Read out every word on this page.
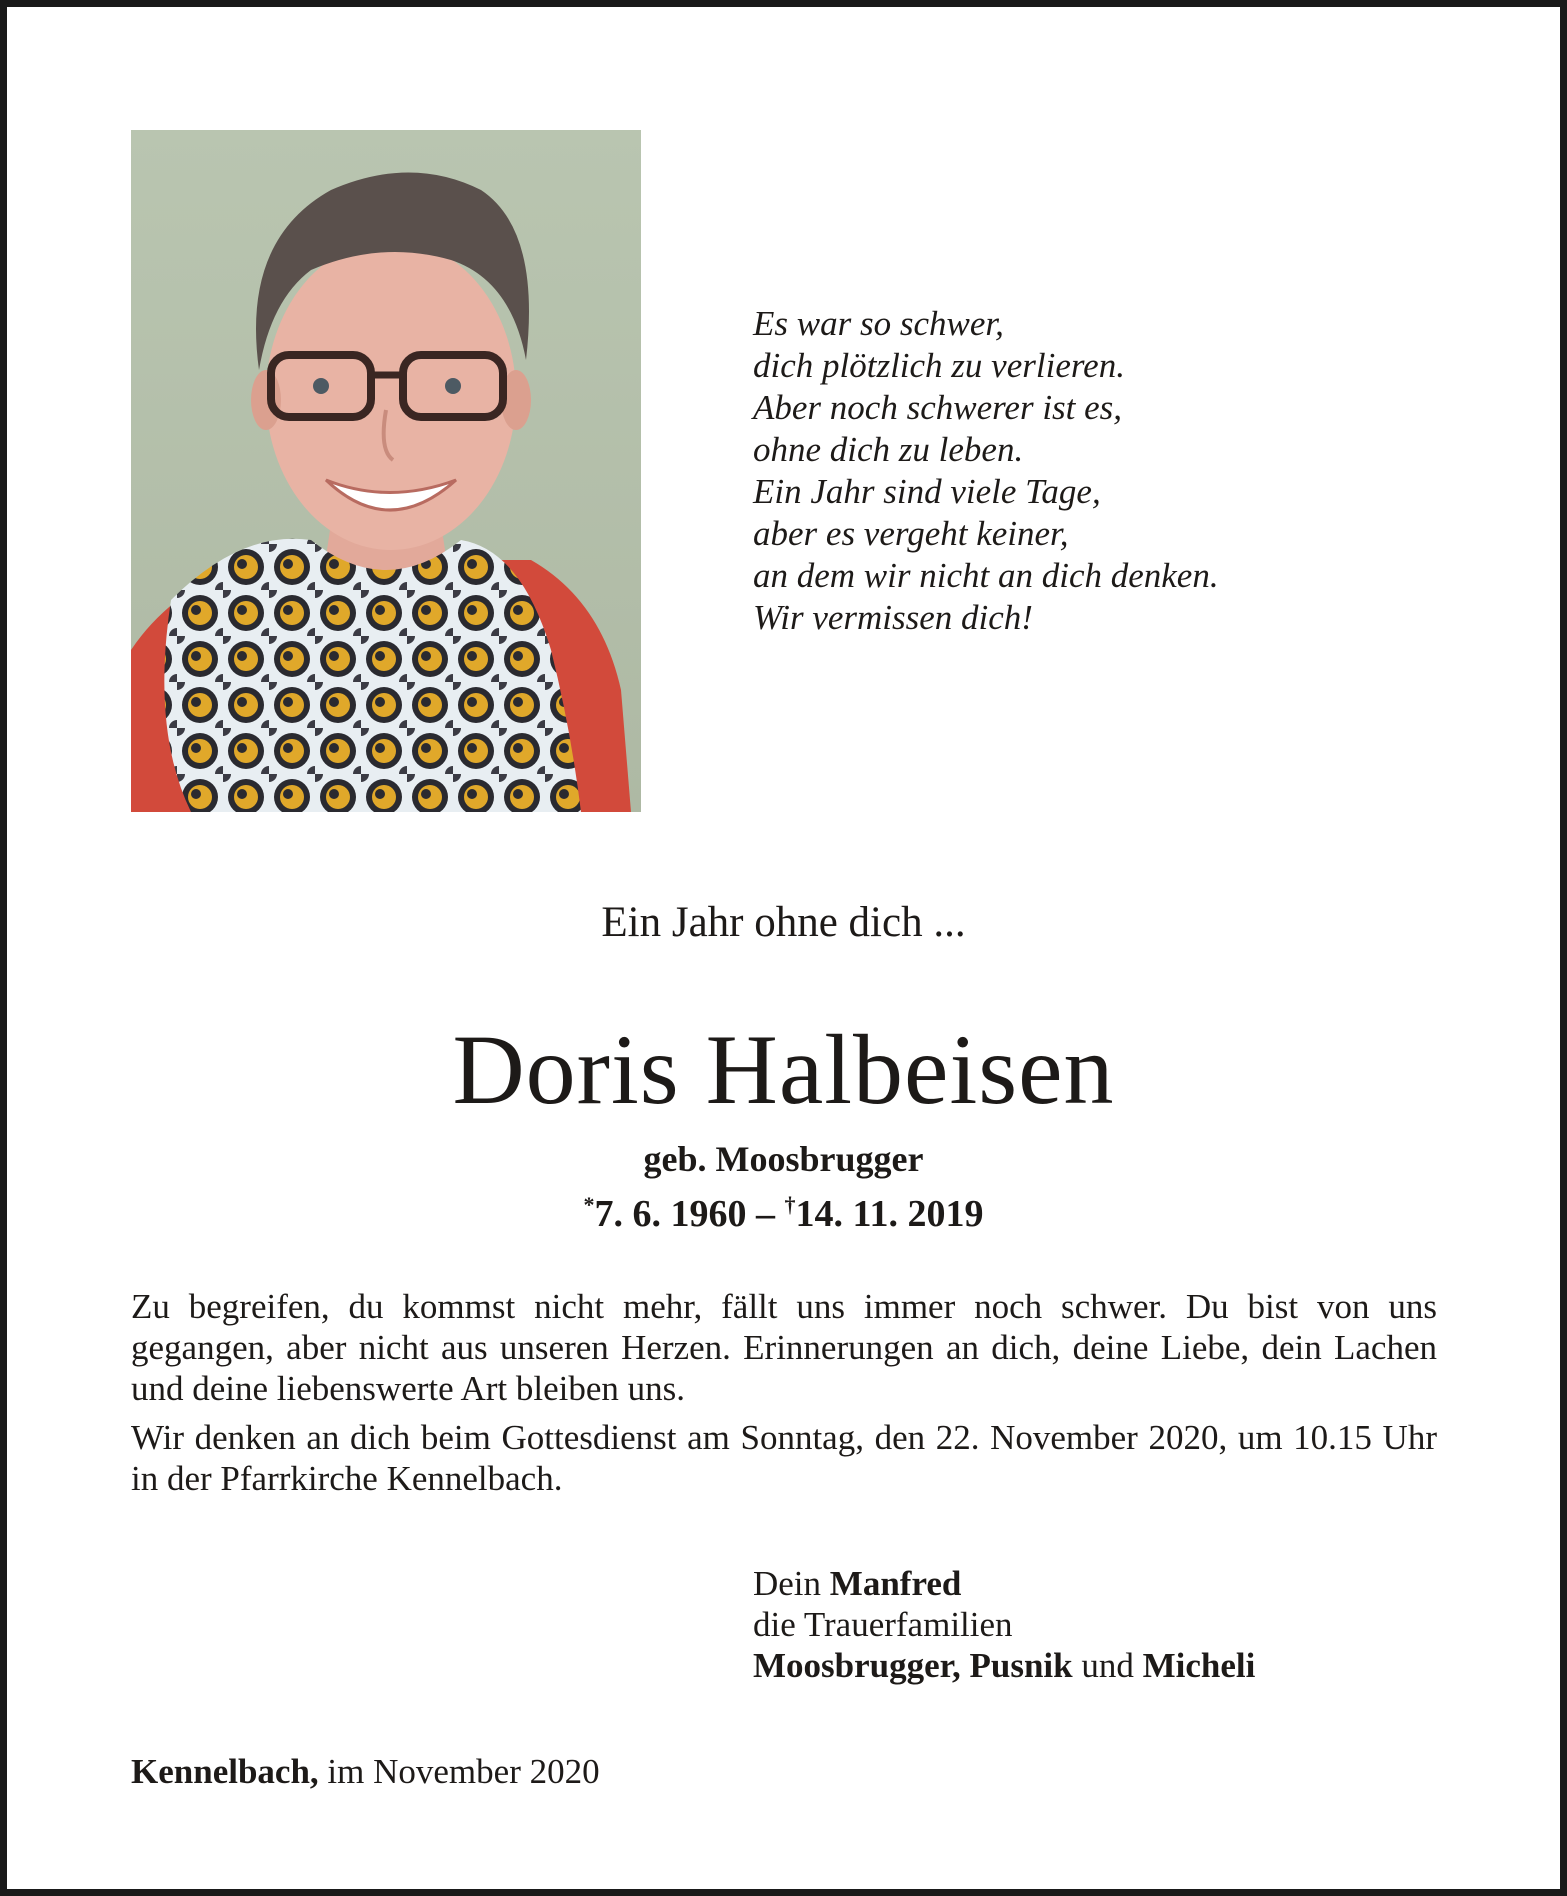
Es war so schwer,
dich plötzlich zu verlieren.
Aber noch schwerer ist es,
ohne dich zu leben.
Ein Jahr sind viele Tage,
aber es vergeht keiner,
an dem wir nicht an dich denken.
Wir vermissen dich!
Ein Jahr ohne dich ...
Doris Halbeisen
geb. Moosbrugger
*7. 6. 1960 – †14. 11. 2019

Zu begreifen, du kommst nicht mehr, fällt uns immer noch schwer. Du bist von uns gegangen, aber nicht aus unseren Herzen. Erinnerungen an dich, deine Liebe, dein Lachen und deine liebenswerte Art bleiben uns.

Wir denken an dich beim Gottesdienst am Sonntag, den 22. November 2020, um 10.15 Uhr in der Pfarrkirche Kennelbach.

Dein Manfred
die Trauerfamilien
Moosbrugger, Pusnik und Micheli
Kennelbach, im November 2020
